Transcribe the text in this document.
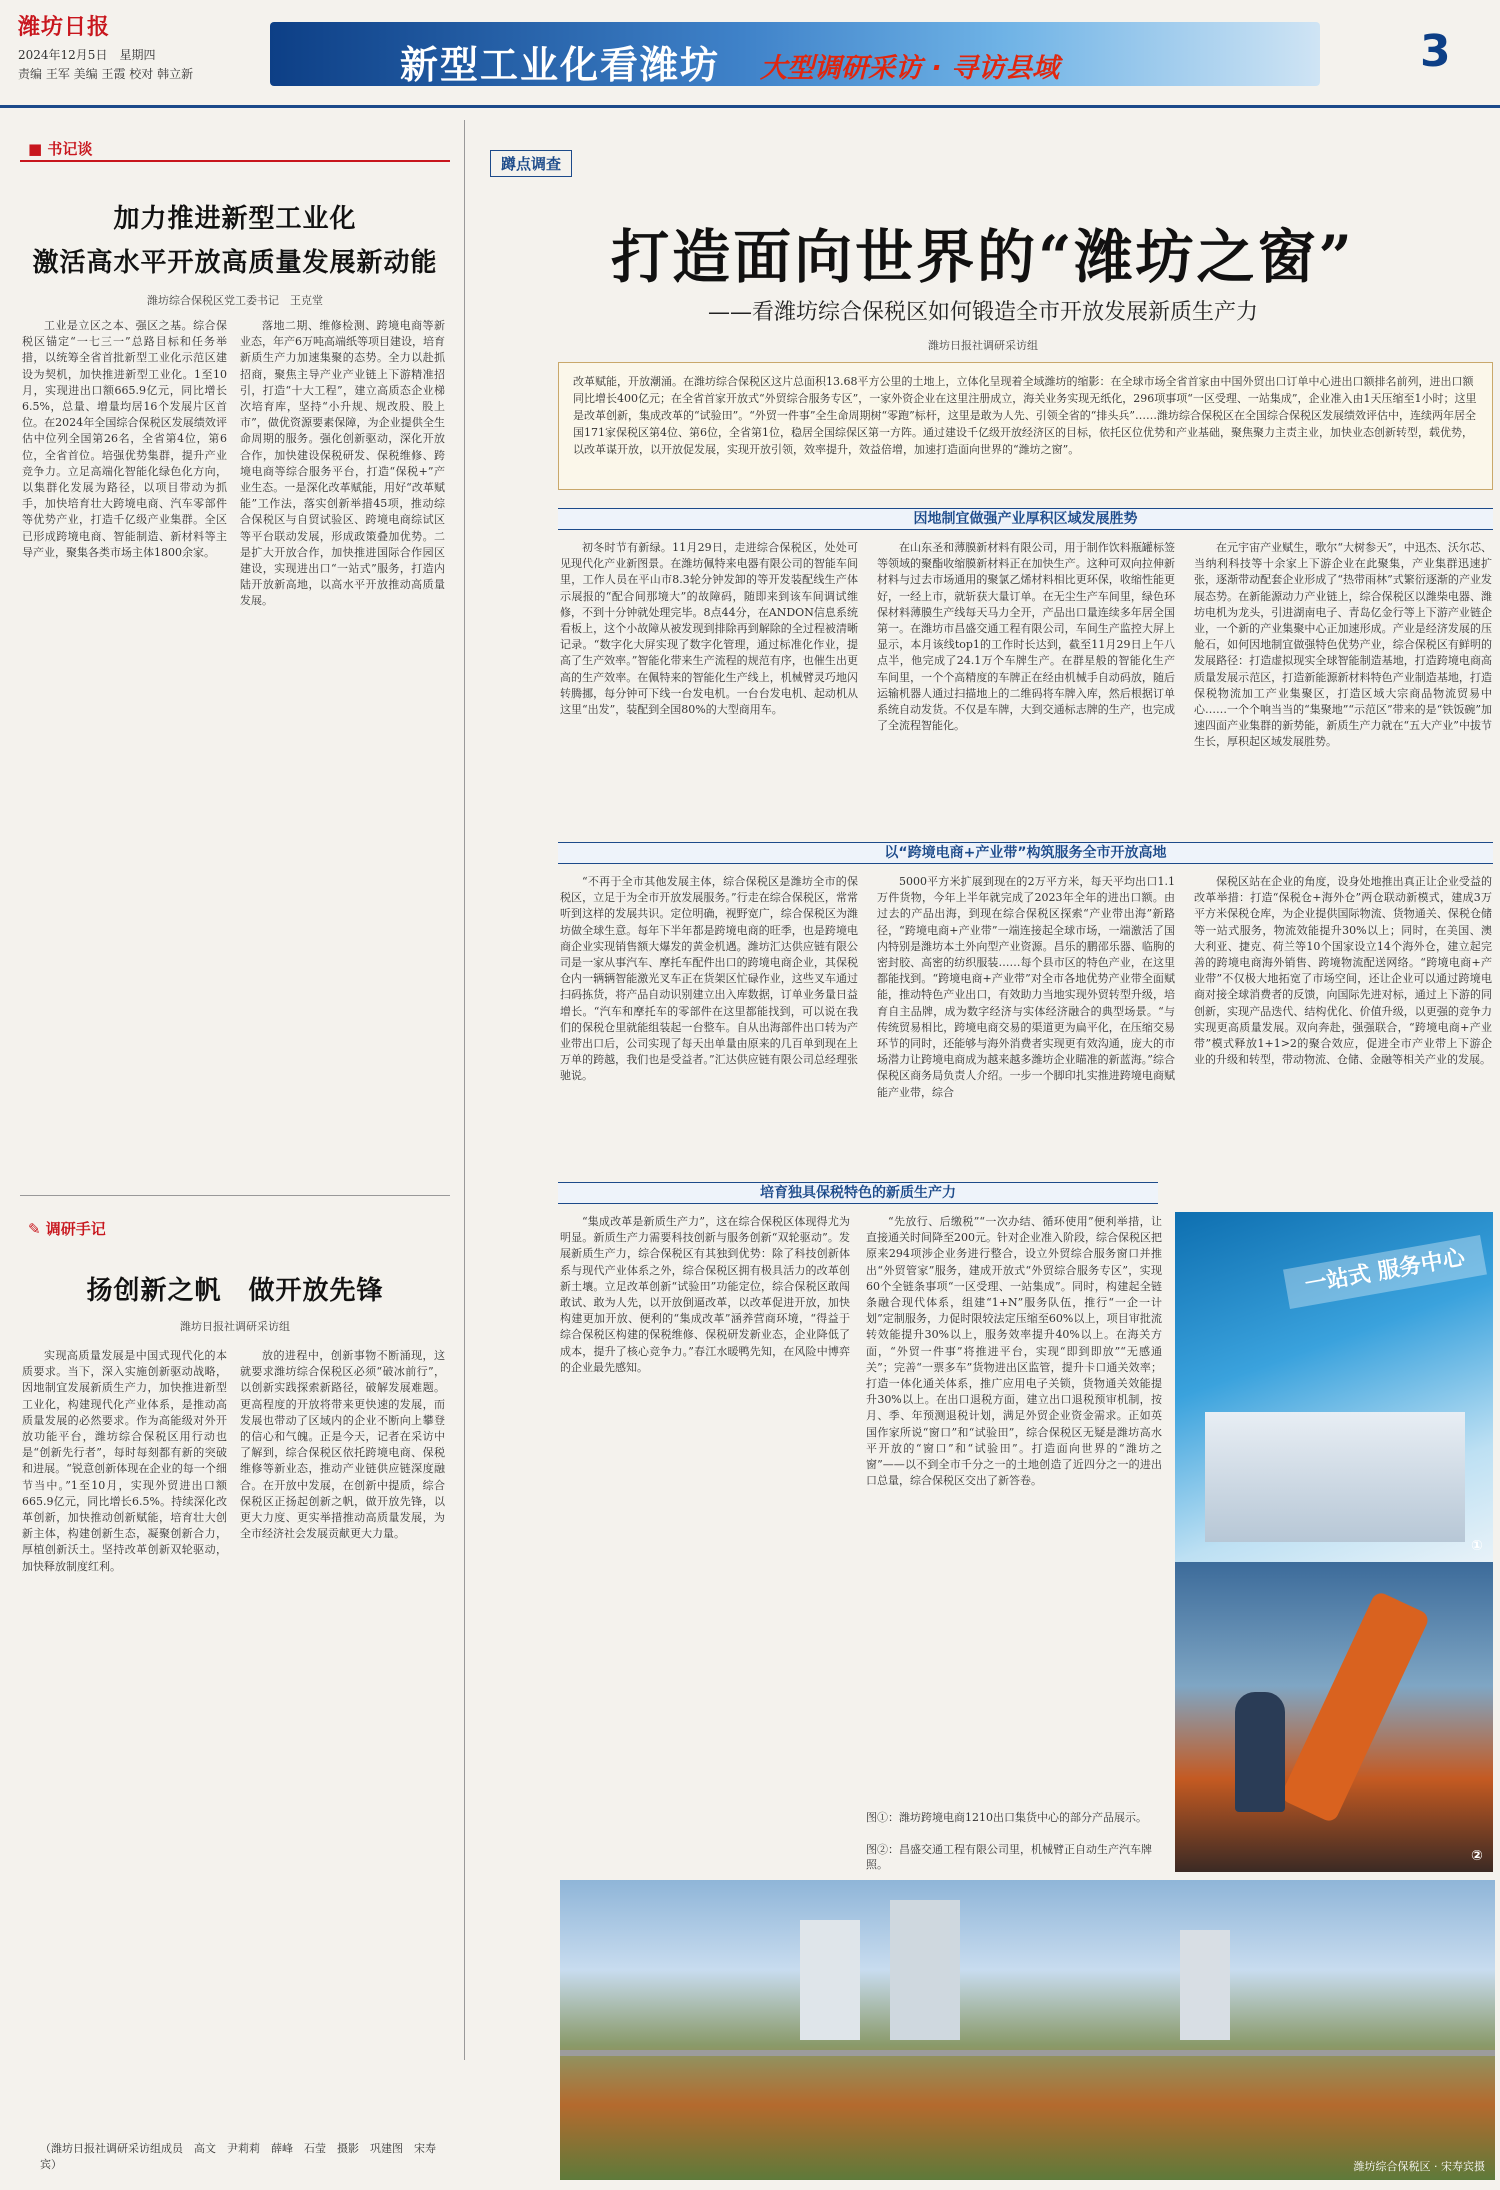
潍坊日报
2024年12月5日　 星期四
责编 王军 美编 王霞 校对 韩立新	新型工业化看潍坊 大型调研采访 · 寻访县域	3
■ 书记谈
加力推进新型工业化
激活高水平开放高质量发展新动能
潍坊综合保税区党工委书记　王克堂
工业是立区之本、强区之基。综合保税区锚定“一七三一”总路目标和任务举措，以统筹全省首批新型工业化示范区建设为契机，加快推进新型工业化。1至10月，实现进出口额665.9亿元，同比增长6.5%，总量、增量均居16个发展片区首位。在2024年全国综合保税区发展绩效评估中位列全国第26名，全省第4位，第6位，全省首位。培强优势集群，提升产业竞争力。立足高端化智能化绿色化方向，以集群化发展为路径，以项目带动为抓手，加快培育壮大跨境电商、汽车零部件等优势产业，打造千亿级产业集群。全区已形成跨境电商、智能制造、新材料等主导产业，聚集各类市场主体1800余家。
落地二期、维修检测、跨境电商等新业态，年产6万吨高端纸等项目建设，培育新质生产力加速集聚的态势。全力以赴抓招商，聚焦主导产业产业链上下游精准招引，打造“十大工程”，建立高质态企业梯次培育库，坚持“小升规、规改股、股上市”，做优资源要素保障，为企业提供全生命周期的服务。强化创新驱动，深化开放合作，加快建设保税研发、保税维修、跨境电商等综合服务平台，打造“保税+”产业生态。一是深化改革赋能，用好“改革赋能”工作法，落实创新举措45项，推动综合保税区与自贸试验区、跨境电商综试区等平台联动发展，形成政策叠加优势。二是扩大开放合作，加快推进国际合作园区建设，实现进出口“一站式”服务，打造内陆开放新高地，以高水平开放推动高质量发展。
✎ 调研手记
扬创新之帆　做开放先锋
潍坊日报社调研采访组
实现高质量发展是中国式现代化的本质要求。当下，深入实施创新驱动战略，因地制宜发展新质生产力，加快推进新型工业化，构建现代化产业体系，是推动高质量发展的必然要求。作为高能级对外开放功能平台，潍坊综合保税区用行动也是“创新先行者”，每时每刻都有新的突破和进展。“锐意创新体现在企业的每一个细节当中。”1至10月，实现外贸进出口额665.9亿元，同比增长6.5%。持续深化改革创新，加快推动创新赋能，培育壮大创新主体，构建创新生态，凝聚创新合力，厚植创新沃土。坚持改革创新双轮驱动，加快释放制度红利。
放的进程中，创新事物不断涌现，这就要求潍坊综合保税区必须“破冰前行”，以创新实践探索新路径，破解发展难题。更高程度的开放将带来更快速的发展，而发展也带动了区域内的企业不断向上攀登的信心和气魄。正是今天，记者在采访中了解到，综合保税区依托跨境电商、保税维修等新业态，推动产业链供应链深度融合。在开放中发展，在创新中提质，综合保税区正扬起创新之帆，做开放先锋，以更大力度、更实举措推动高质量发展，为全市经济社会发展贡献更大力量。
（潍坊日报社调研采访组成员　高文　尹莉莉　薛峰　石莹　摄影　巩建图　宋寿宾）
蹲点调查
打造面向世界的“潍坊之窗”
——看潍坊综合保税区如何锻造全市开放发展新质生产力
潍坊日报社调研采访组
改革赋能，开放潮涌。在潍坊综合保税区这片总面积13.68平方公里的土地上，立体化呈现着全域潍坊的缩影：在全球市场全省首家由中国外贸出口订单中心进出口额排名前列，进出口额同比增长400亿元；在全省首家开放式“外贸综合服务专区”，一家外资企业在这里注册成立，海关业务实现无纸化，296项事项“一区受理、一站集成”，企业准入由1天压缩至1小时；这里是改革创新，集成改革的“试验田”。“外贸一件事”全生命周期树“零跑”标杆，这里是敢为人先、引领全省的“排头兵”……潍坊综合保税区在全国综合保税区发展绩效评估中，连续两年居全国171家保税区第4位、第6位，全省第1位，稳居全国综保区第一方阵。通过建设千亿级开放经济区的目标，依托区位优势和产业基础，聚焦聚力主责主业，加快业态创新转型，载优势，以改革谋开放，以开放促发展，实现开放引领，效率提升，效益倍增，加速打造面向世界的“潍坊之窗”。
因地制宜做强产业厚积区域发展胜势
初冬时节有新绿。11月29日，走进综合保税区，处处可见现代化产业新图景。在潍坊佩特来电器有限公司的智能车间里，工作人员在平山市8.3轮分钟发卸的等开发装配线生产体示展报的“配合间那境大”的故障码，随即来到该车间调试维修，不到十分钟就处理完毕。8点44分，在ANDON信息系统看板上，这个小故障从被发现到排除再到解除的全过程被清晰记录。“数字化大屏实现了数字化管理，通过标准化作业，提高了生产效率。”智能化带来生产流程的规范有序，也催生出更高的生产效率。在佩特来的智能化生产线上，机械臂灵巧地闪转腾挪，每分钟可下线一台发电机。一台台发电机、起动机从这里“出发”，装配到全国80%的大型商用车。
在山东圣和薄膜新材料有限公司，用于制作饮料瓶罐标签等领域的聚酯收缩膜新材料正在加快生产。这种可双向拉伸新材料与过去市场通用的聚氯乙烯材料相比更环保，收缩性能更好，一经上市，就斩获大量订单。在无尘生产车间里，绿色环保材料薄膜生产线每天马力全开，产品出口量连续多年居全国第一。在潍坊市昌盛交通工程有限公司，车间生产监控大屏上显示，本月该线top1的工作时长达到，截至11月29日上午八点半，他完成了24.1万个车牌生产。在群星般的智能化生产车间里，一个个高精度的车牌正在经由机械手自动码放，随后运输机器人通过扫描地上的二维码将车牌入库，然后根据订单系统自动发货。不仅是车牌，大到交通标志牌的生产，也完成了全流程智能化。
在元宇宙产业赋生，歌尔“大树参天”，中迅杰、沃尔芯、当纳利科技等十余家上下游企业在此聚集，产业集群迅速扩张，逐渐带动配套企业形成了“热带雨林”式繁衍逐渐的产业发展态势。在新能源动力产业链上，综合保税区以潍柴电器、潍坊电机为龙头，引进湖南电子、青岛亿金行等上下游产业链企业，一个新的产业集聚中心正加速形成。产业是经济发展的压舱石，如何因地制宜做强特色优势产业，综合保税区有鲜明的发展路径：打造虚拟现实全球智能制造基地，打造跨境电商高质量发展示范区，打造新能源新材料特色产业制造基地，打造保税物流加工产业集聚区，打造区域大宗商品物流贸易中心……一个个响当当的“集聚地”“示范区”带来的是“铁饭碗”加速四面产业集群的新势能，新质生产力就在“五大产业”中拔节生长，厚积起区域发展胜势。
以“跨境电商+产业带”构筑服务全市开放高地
“不再于全市其他发展主体，综合保税区是潍坊全市的保税区，立足于为全市开放发展服务。”行走在综合保税区，常常听到这样的发展共识。定位明确，视野宽广，综合保税区为潍坊做全球生意。每年下半年都是跨境电商的旺季，也是跨境电商企业实现销售额大爆发的黄金机遇。潍坊汇达供应链有限公司是一家从事汽车、摩托车配件出口的跨境电商企业，其保税仓内一辆辆智能激光叉车正在货架区忙碌作业，这些叉车通过扫码拣货，将产品自动识别建立出入库数据，订单业务量日益增长。“汽车和摩托车的零部件在这里都能找到，可以说在我们的保税仓里就能组装起一台整车。自从出海部件出口转为产业带出口后，公司实现了每天出单量由原来的几百单到现在上万单的跨越，我们也是受益者。”汇达供应链有限公司总经理张驰说。
5000平方米扩展到现在的2万平方米，每天平均出口1.1万件货物，今年上半年就完成了2023年全年的进出口额。由过去的产品出海，到现在综合保税区探索“产业带出海”新路径，“跨境电商+产业带”一端连接起全球市场，一端激活了国内特别是潍坊本土外向型产业资源。昌乐的鹏邵乐器、临朐的密封胶、高密的纺织服装……每个县市区的特色产业，在这里都能找到。“跨境电商+产业带”对全市各地优势产业带全面赋能，推动特色产业出口，有效助力当地实现外贸转型升级，培育自主品牌，成为数字经济与实体经济融合的典型场景。“与传统贸易相比，跨境电商交易的渠道更为扁平化，在压缩交易环节的同时，还能够与海外消费者实现更有效沟通，庞大的市场潜力让跨境电商成为越来越多潍坊企业瞄准的新蓝海。”综合保税区商务局负责人介绍。一步一个脚印扎实推进跨境电商赋能产业带，综合
保税区站在企业的角度，设身处地推出真正让企业受益的改革举措：打造“保税仓+海外仓”两仓联动新模式，建成3万平方米保税仓库，为企业提供国际物流、货物通关、保税仓储等一站式服务，物流效能提升30%以上；同时，在美国、澳大利亚、捷克、荷兰等10个国家设立14个海外仓，建立起完善的跨境电商海外销售、跨境物流配送网络。“跨境电商+产业带”不仅极大地拓宽了市场空间，还让企业可以通过跨境电商对接全球消费者的反馈，向国际先进对标，通过上下游的同创新，实现产品迭代、结构优化、价值升级，以更强的竞争力实现更高质量发展。双向奔赴，强强联合，“跨境电商+产业带”模式释放1+1>2的聚合效应，促进全市产业带上下游企业的升级和转型，带动物流、仓储、金融等相关产业的发展。
培育独具保税特色的新质生产力
“集成改革是新质生产力”，这在综合保税区体现得尤为明显。新质生产力需要科技创新与服务创新“双轮驱动”。发展新质生产力，综合保税区有其独到优势：除了科技创新体系与现代产业体系之外，综合保税区拥有极具活力的改革创新土壤。立足改革创新“试验田”功能定位，综合保税区敢闯敢试、敢为人先，以开放倒逼改革，以改革促进开放，加快构建更加开放、便利的“集成改革”涵养营商环境，“得益于综合保税区构建的保税维修、保税研发新业态，企业降低了成本，提升了核心竞争力。”春江水暖鸭先知，在风险中博弈的企业最先感知。
“先放行、后缴税”“一次办结、循环使用”便利举措，让直接通关时间降至200元。针对企业准入阶段，综合保税区把原来294项涉企业务进行整合，设立外贸综合服务窗口并推出“外贸管家”服务，建成开放式“外贸综合服务专区”，实现60个全链条事项“一区受理、一站集成”。同时，构建起全链条融合现代体系，组建“1+N”服务队伍，推行“一企一计划”定制服务，力促时限较法定压缩至60%以上，项目审批流转效能提升30%以上，服务效率提升40%以上。在海关方面，“外贸一件事”将推进平台，实现“即到即放”“无感通关”；完善“一票多车”货物进出区监管，提升卡口通关效率；打造一体化通关体系，推广应用电子关锁，货物通关效能提升30%以上。在出口退税方面，建立出口退税预审机制，按月、季、年预测退税计划，满足外贸企业资金需求。正如英国作家所说“窗口”和“试验田”，综合保税区无疑是潍坊高水平开放的“窗口”和“试验田”。打造面向世界的“潍坊之窗”——以不到全市千分之一的土地创造了近四分之一的进出口总量，综合保税区交出了新答卷。
图①：潍坊跨境电商1210出口集货中心的部分产品展示。
图②：昌盛交通工程有限公司里，机械臂正自动生产汽车牌照。
一站式 服务中心
①
②
潍坊综合保税区 · 宋寿宾摄
